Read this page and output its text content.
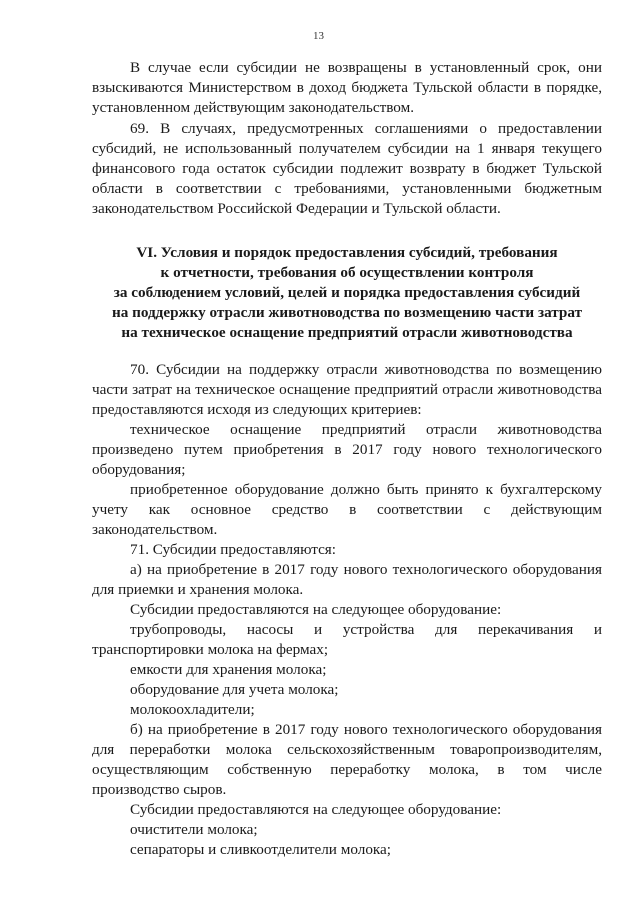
13

В случае если субсидии не возвращены в установленный срок, они взыскиваются Министерством в доход бюджета Тульской области в порядке, установленном действующим законодательством.

69. В случаях, предусмотренных соглашениями о предоставлении субсидий, не использованный получателем субсидии на 1 января текущего финансового года остаток субсидии подлежит возврату в бюджет Тульской области в соответствии с требованиями, установленными бюджетным законодательством Российской Федерации и Тульской области.

VI. Условия и порядок предоставления субсидий, требования
к отчетности, требования об осуществлении контроля
за соблюдением условий, целей и порядка предоставления субсидий
на поддержку отрасли животноводства по возмещению части затрат
на техническое оснащение предприятий отрасли животноводства

70. Субсидии на поддержку отрасли животноводства по возмещению части затрат на техническое оснащение предприятий отрасли животноводства предоставляются исходя из следующих критериев:

техническое оснащение предприятий отрасли животноводства произведено путем приобретения в 2017 году нового технологического оборудования;

приобретенное оборудование должно быть принято к бухгалтерскому учету как основное средство в соответствии с действующим законодательством.

71. Субсидии предоставляются:

а) на приобретение в 2017 году нового технологического оборудования для приемки и хранения молока.

Субсидии предоставляются на следующее оборудование:

трубопроводы, насосы и устройства для перекачивания и транспортировки молока на фермах;

емкости для хранения молока;

оборудование для учета молока;

молокоохладители;

б) на приобретение в 2017 году нового технологического оборудования для переработки молока сельскохозяйственным товаропроизводителям, осуществляющим собственную переработку молока, в том числе производство сыров.

Субсидии предоставляются на следующее оборудование:

очистители молока;

сепараторы и сливкоотделители молока;
